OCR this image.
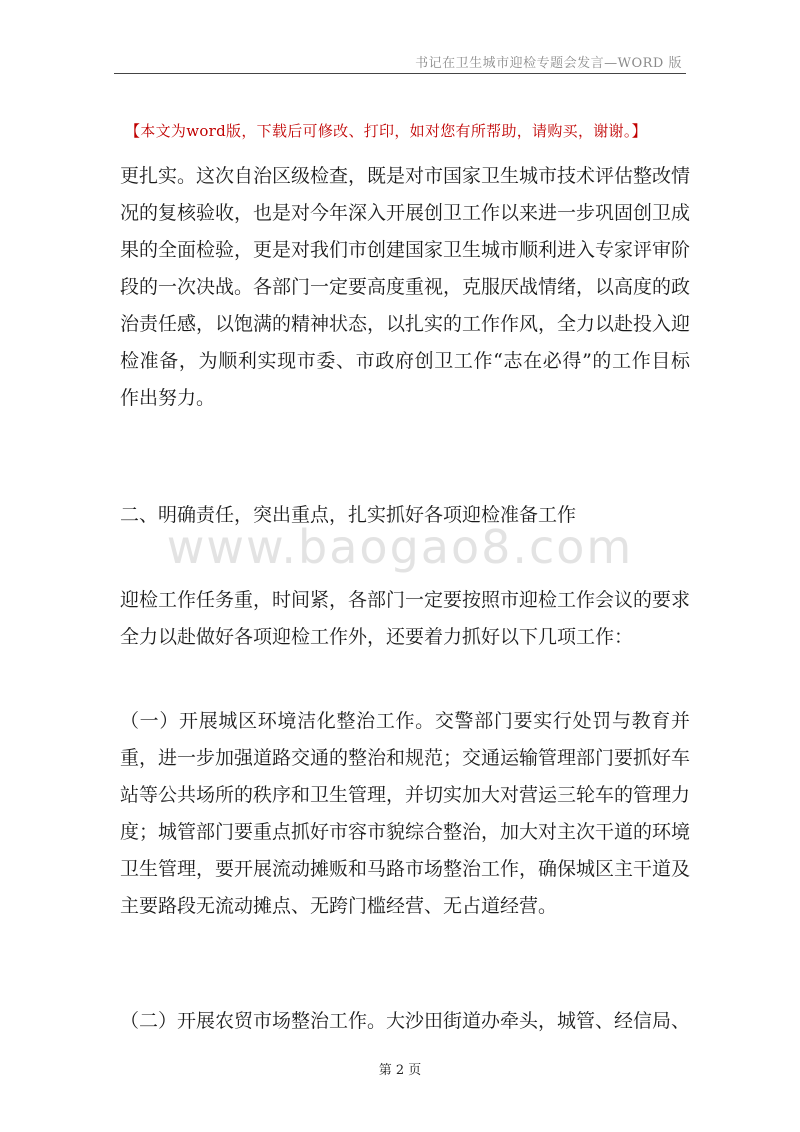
书记在卫生城市迎检专题会发言—WORD 版
【本文为word版，下载后可修改、打印，如对您有所帮助，请购买，谢谢。】
更扎实。这次自治区级检查，既是对市国家卫生城市技术评估整改情况的复核验收，也是对今年深入开展创卫工作以来进一步巩固创卫成果的全面检验，更是对我们市创建国家卫生城市顺利进入专家评审阶段的一次决战。各部门一定要高度重视，克服厌战情绪，以高度的政治责任感，以饱满的精神状态，以扎实的工作作风，全力以赴投入迎检准备，为顺利实现市委、市政府创卫工作“志在必得”的工作目标作出努力。
二、明确责任，突出重点，扎实抓好各项迎检准备工作
www.baogao8.com
迎检工作任务重，时间紧，各部门一定要按照市迎检工作会议的要求全力以赴做好各项迎检工作外，还要着力抓好以下几项工作：
（一）开展城区环境洁化整治工作。交警部门要实行处罚与教育并重，进一步加强道路交通的整治和规范；交通运输管理部门要抓好车站等公共场所的秩序和卫生管理，并切实加大对营运三轮车的管理力度；城管部门要重点抓好市容市貌综合整治，加大对主次干道的环境卫生管理，要开展流动摊贩和马路市场整治工作，确保城区主干道及主要路段无流动摊点、无跨门槛经营、无占道经营。
（二）开展农贸市场整治工作。大沙田街道办牵头，城管、经信局、
第 2 页
